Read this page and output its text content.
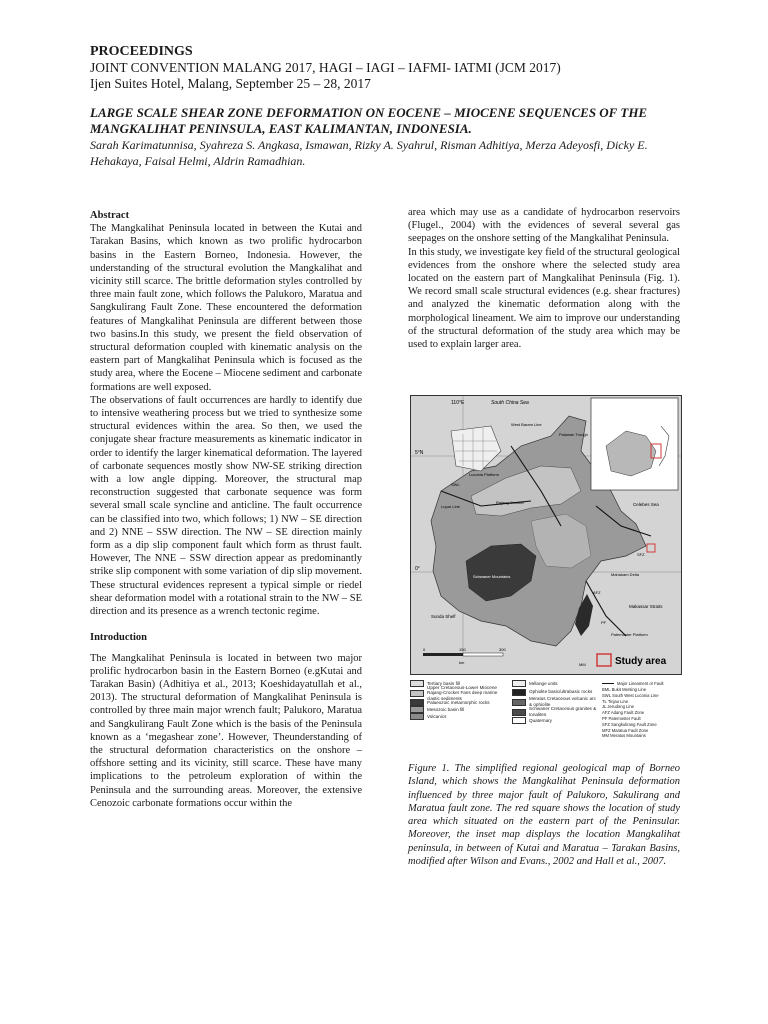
PROCEEDINGS

JOINT CONVENTION MALANG 2017, HAGI – IAGI – IAFMI- IATMI (JCM 2017)

Ijen Suites Hotel, Malang, September 25 – 28, 2017

LARGE SCALE SHEAR ZONE DEFORMATION ON EOCENE – MIOCENE SEQUENCES OF THE MANGKALIHAT PENINSULA, EAST KALIMANTAN, INDONESIA.

Sarah Karimatunnisa, Syahreza S. Angkasa, Ismawan, Rizky A. Syahrul, Risman Adhitiya, Merza Adeyosfi, Dicky E. Hehakaya, Faisal Helmi, Aldrin Ramadhian.

Abstract

The Mangkalihat Peninsula located in between the Kutai and Tarakan Basins, which known as two prolific hydrocarbon basins in the Eastern Borneo, Indonesia. However, the understanding of the structural evolution the Mangkalihat and vicinity still scarce. The brittle deformation styles controlled by three main fault zone, which follows the Palukoro, Maratua and Sangkulirang Fault Zone. These encountered the deformation features of Mangkalihat Peninsula are different between those two basins.In this study, we present the field observation of structural deformation coupled with kinematic analysis on the eastern part of Mangkalihat Peninsula which is focused as the study area, where the Eocene – Miocene sediment and carbonate formations are well exposed.

The observations of fault occurrences are hardly to identify due to intensive weathering process but we tried to synthesize some structural evidences within the area. So then, we used the conjugate shear fracture measurements as kinematic indicator in order to identify the larger kinematical deformation. The layered of carbonate sequences mostly show NW-SE striking direction with a low angle dipping. Moreover, the structural map reconstruction suggested that carbonate sequence was form several small scale syncline and anticline. The fault occurrence can be classified into two, which follows; 1) NW – SE direction and 2) NNE – SSW direction. The NW – SE direction mainly form as a dip slip component fault which form as thrust fault. However, The NNE – SSW direction appear as predominantly strike slip component with some variation of dip slip movement. These structural evidences represent a typical simple or riedel shear deformation model with a rotational strain to the NW – SE direction and its presence as a wrench tectonic regime.

Introduction

The Mangkalihat Peninsula is located in between two major prolific hydrocarbon basin in the Eastern Borneo (e.gKutai and Tarakan Basin) (Adhitiya et al., 2013; Koeshidayatullah et al., 2013). The structural deformation of Mangkalihat Peninsula is controlled by three main major wrench fault; Palukoro, Maratua and Sangkulirang Fault Zone which is the basis of the Peninsula known as a ‘megashear zone’. However, Theunderstanding of the structural deformation characteristics on the onshore – offshore setting and its vicinity, still scarce. These have many implications to the petroleum exploration of within the Peninsula and the surrounding areas. Moreover, the extensive Cenozoic carbonate formations occur within the

area which may use as a candidate of hydrocarbon reservoirs (Flugel., 2004) with the evidences of several several gas seepages on the onshore setting of the Mangkalihat Peninsula.

In this study, we investigate key field of the structural geological evidences from the onshore where the selected study area located on the eastern part of Mangkalihat Peninsula (Fig. 1). We record small scale structural evidences (e.g. shear fractures) and analyzed the kinematic deformation along with the morphological lineament. We aim to improve our understanding of the structural deformation of the study area which may be used to explain larger area.

110°E	South China Sea
5°N
0°
Luconia Platform
Rajang-Crocker
Schwaner Mountains
Sunda Shelf
Celebes Sea
Makassar Straits
Paternoster Platform
Mahakam Delta
SFZ
AFZ
PF
SWL
Lupar Line
Palawan Trough
West Baram Line
0	150	300
km	MM	Study area
Tertiary basin fill
Upper Cretaceous-Lower Miocene Rajang-Crocker Fans deep marine clastic sediments
Palaeozoic metamorphic rocks
Mesozoic basin fill
Volcanics
Mélange units
Ophiolite basic/ultrabasic rocks
Meratus Cretaceous volcanic arc & ophiolite
Schwaner Cretaceous granites & tonalites
Quaternary
Major Lineament or Fault
BML Bukit Mersing Line
SWL South West Luconia Line
TL Tinjau Line
JL Jerudong Line
AFZ Adang Fault Zone
PF Paternoster Fault
SFZ Sangkulirang Fault Zone
MFZ Maratua Fault Zone
MM Meratus Mountains

Figure 1. The simplified regional geological map of Borneo Island, which shows the Mangkalihat Peninsula deformation influenced by three major fault of Palukoro, Sakulirang and Maratua fault zone. The red square shows the location of study area which situated on the eastern part of the Peninsular. Moreover, the inset map displays the location Mangkalihat peninsula, in between of Kutai and Maratua – Tarakan Basins, modified after Wilson and Evans., 2002 and Hall et al., 2007.
